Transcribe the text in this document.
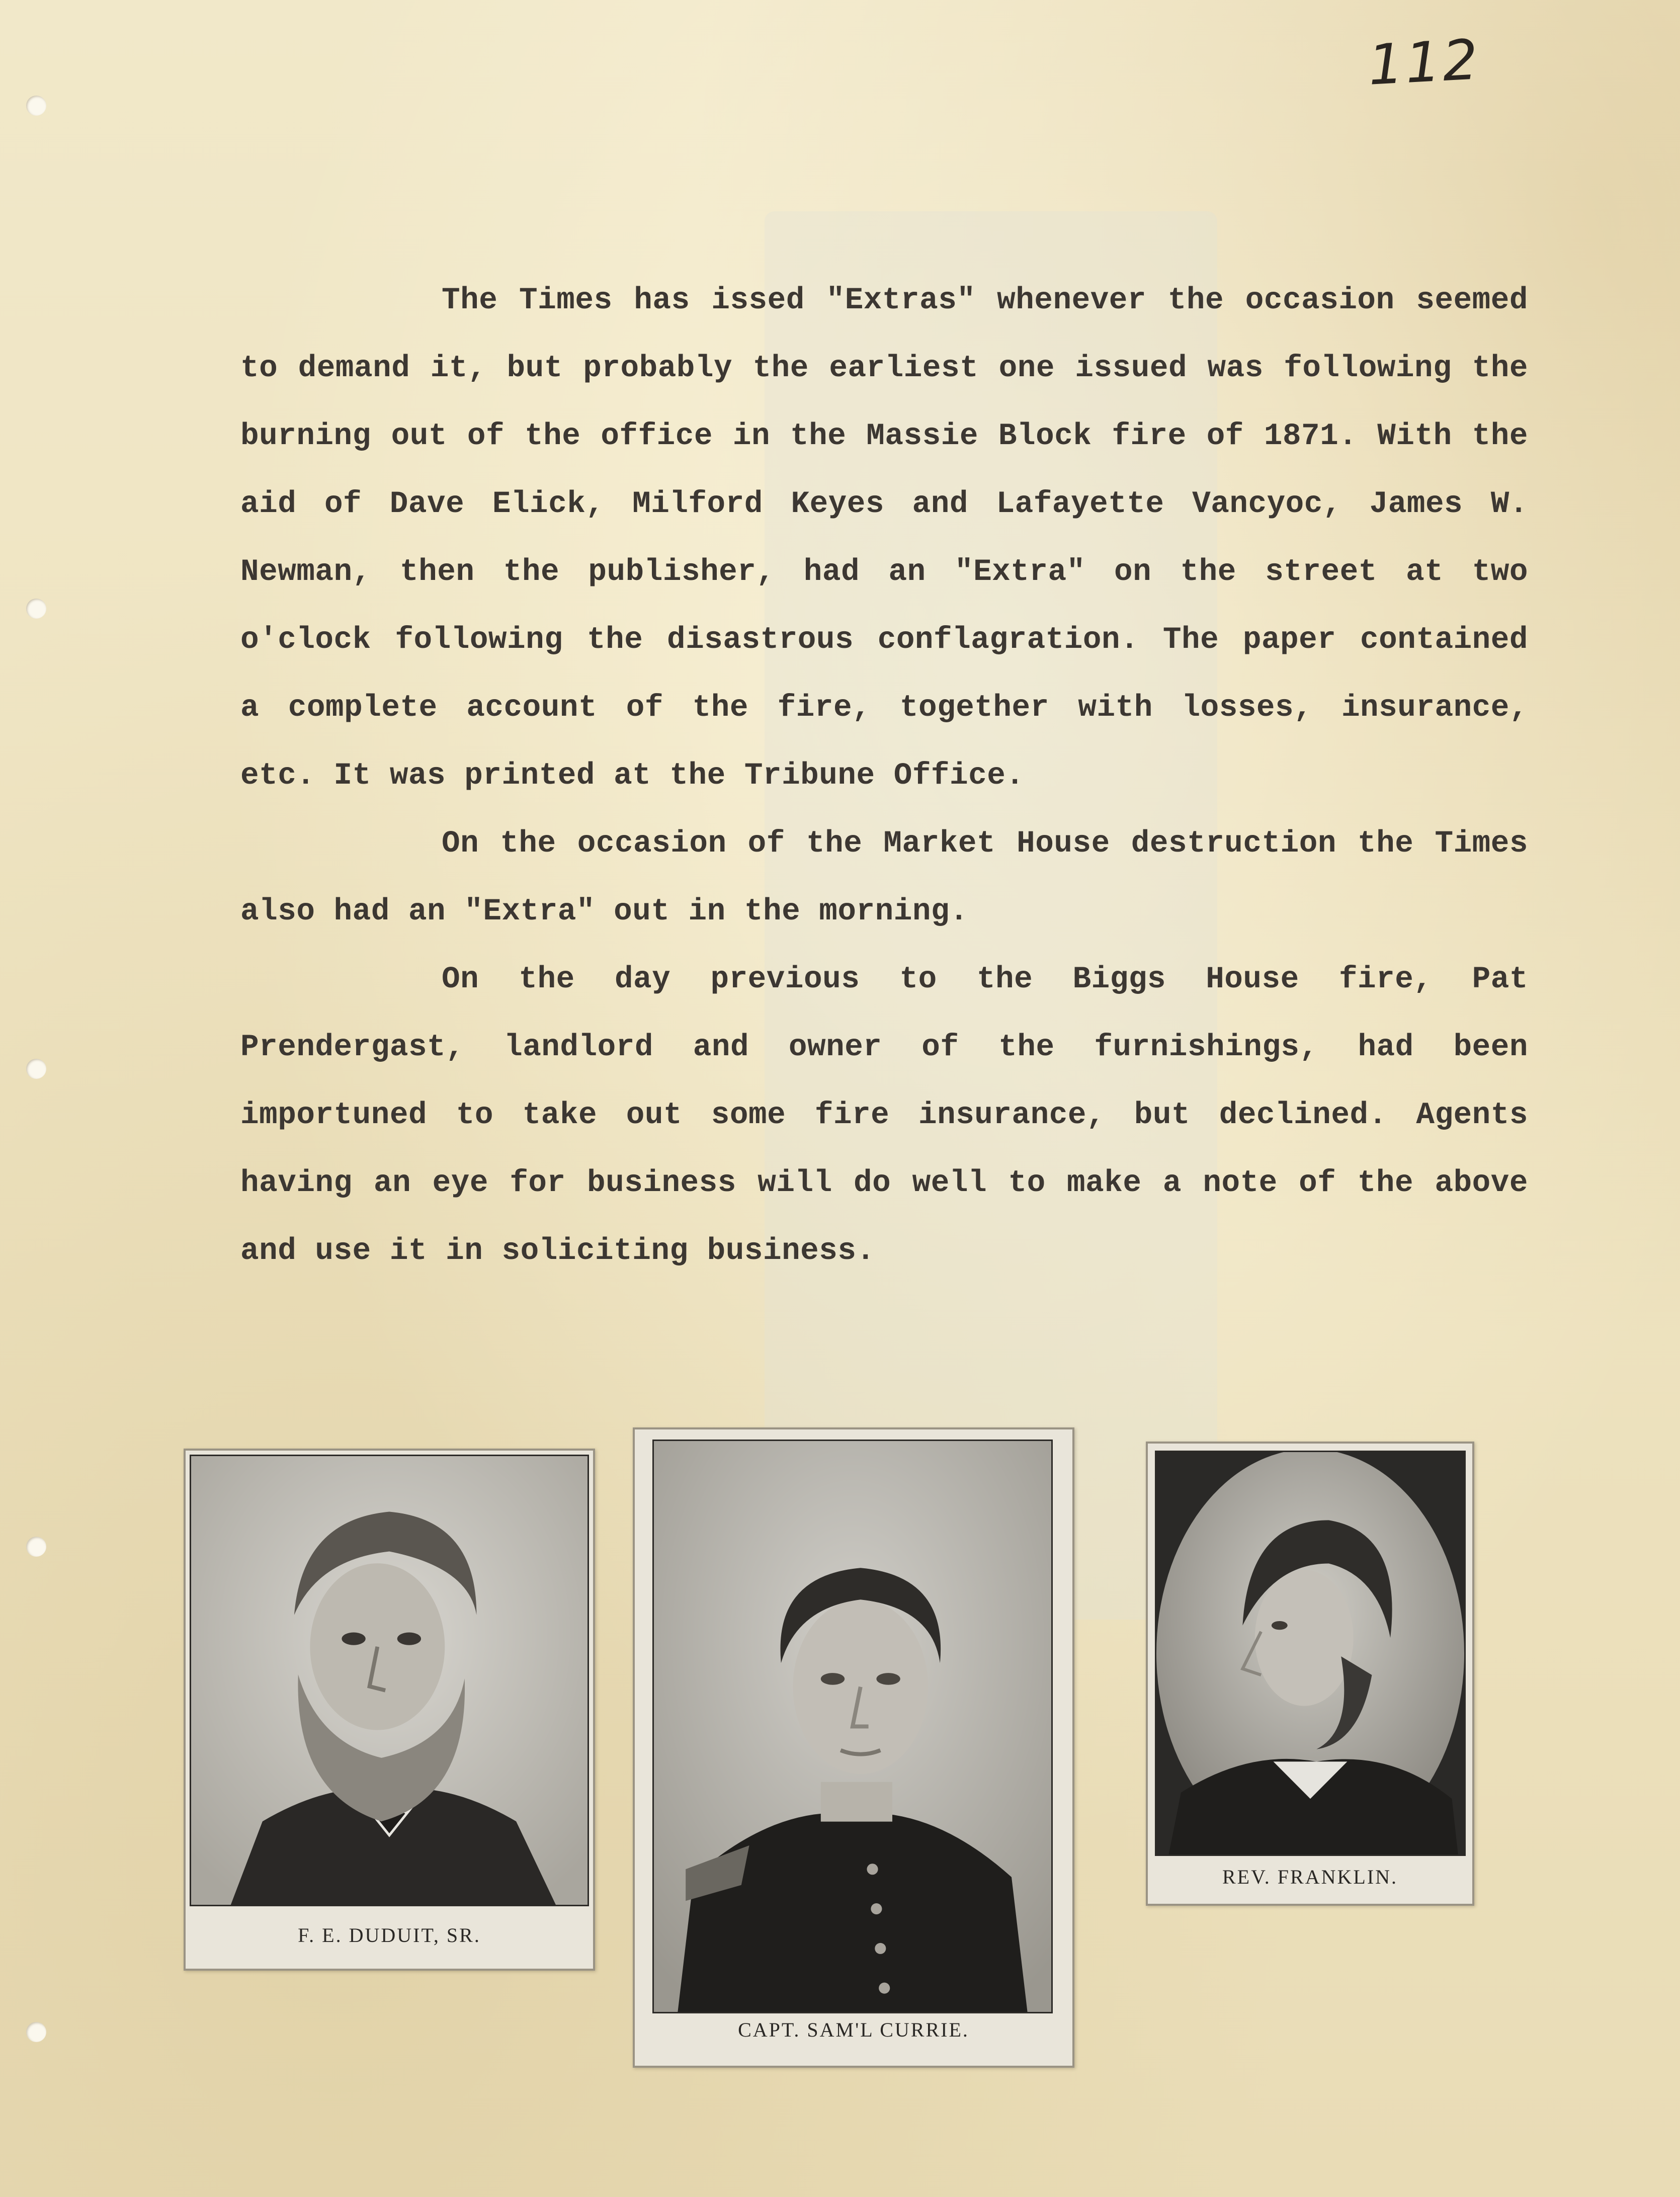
112

The Times has issed "Extras" whenever the occasion seemed to demand it, but probably the earliest one issued was following the burning out of the office in the Massie Block fire of 1871. With the aid of Dave Elick, Milford Keyes and Lafayette Vancyoc, James W. Newman, then the publisher, had an "Extra" on the street at two o'clock following the disastrous conflagration. The paper contained a complete account of the fire, together with losses, insurance, etc. It was printed at the Tribune Office.

On the occasion of the Market House destruction the Times also had an "Extra" out in the morning.

On the day previous to the Biggs House fire, Pat Prendergast, landlord and owner of the furnishings, had been importuned to take out some fire insurance, but declined. Agents having an eye for business will do well to make a note of the above and use it in soliciting business.

F. E. DUDUIT, SR.
CAPT. SAM'L CURRIE.
REV. FRANKLIN.
